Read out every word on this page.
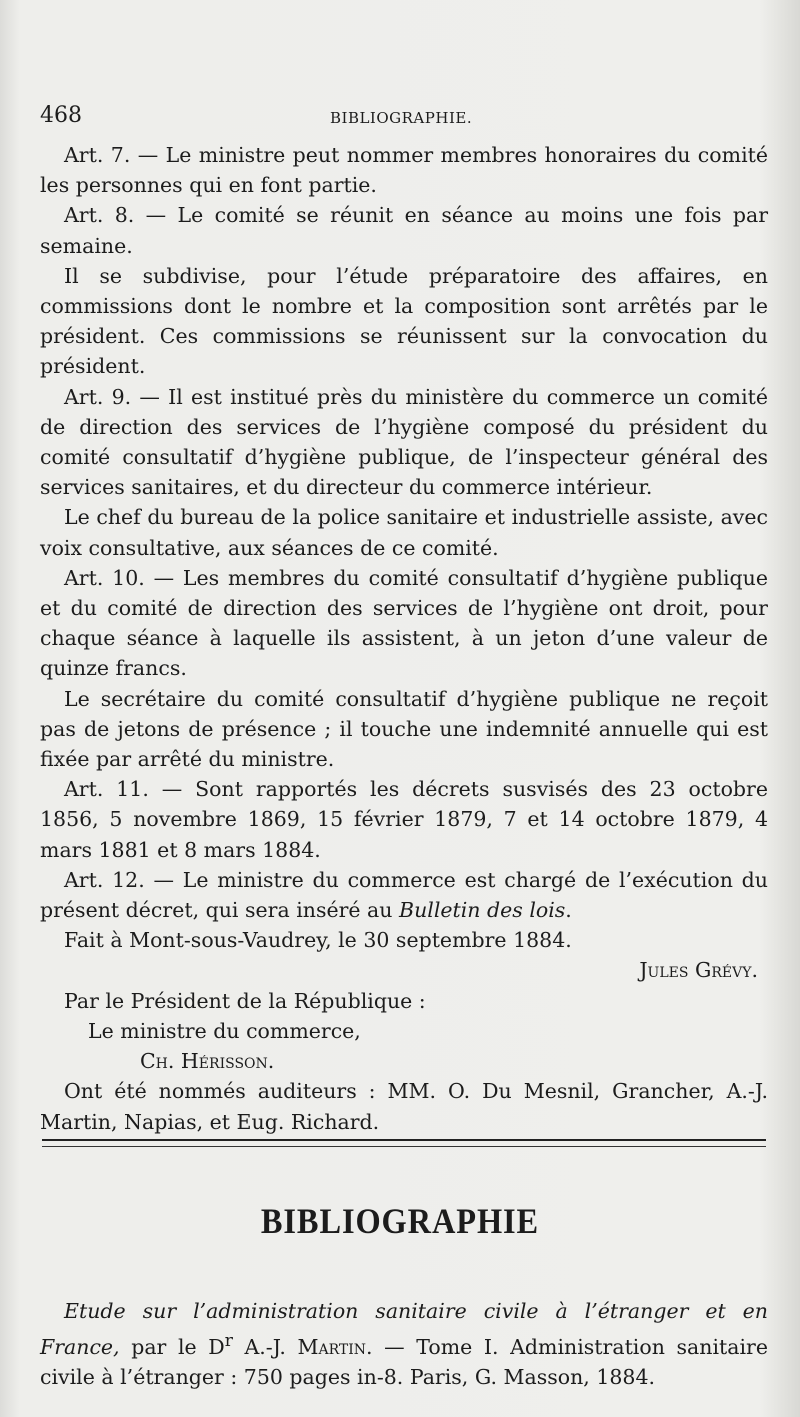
468	BIBLIOGRAPHIE.

Art. 7. — Le ministre peut nommer membres honoraires du comité les personnes qui en font partie.

Art. 8. — Le comité se réunit en séance au moins une fois par semaine.

Il se subdivise, pour l’étude préparatoire des affaires, en commissions dont le nombre et la composition sont arrêtés par le président. Ces commissions se réunissent sur la convocation du président.

Art. 9. — Il est institué près du ministère du commerce un comité de direction des services de l’hygiène composé du président du comité consultatif d’hygiène publique, de l’inspecteur général des services sanitaires, et du directeur du commerce intérieur.

Le chef du bureau de la police sanitaire et industrielle assiste, avec voix consultative, aux séances de ce comité.

Art. 10. — Les membres du comité consultatif d’hygiène publique et du comité de direction des services de l’hygiène ont droit, pour chaque séance à laquelle ils assistent, à un jeton d’une valeur de quinze francs.

Le secrétaire du comité consultatif d’hygiène publique ne reçoit pas de jetons de présence ; il touche une indemnité annuelle qui est fixée par arrêté du ministre.

Art. 11. — Sont rapportés les décrets susvisés des 23 octobre 1856, 5 novembre 1869, 15 février 1879, 7 et 14 octobre 1879, 4 mars 1881 et 8 mars 1884.

Art. 12. — Le ministre du commerce est chargé de l’exécution du présent décret, qui sera inséré au Bulletin des lois.

Fait à Mont-sous-Vaudrey, le 30 septembre 1884.

Jules Grévy.

Par le Président de la République :

Le ministre du commerce,

Ch. Hérisson.

Ont été nommés auditeurs : MM. O. Du Mesnil, Grancher, A.-J. Martin, Napias, et Eug. Richard.

BIBLIOGRAPHIE

Etude sur l’administration sanitaire civile à l’étranger et en France, par le $D^r$ A.-J. Martin. — Tome I. Administration sanitaire civile à l’étranger : 750 pages in-8. Paris, G. Masson, 1884.
